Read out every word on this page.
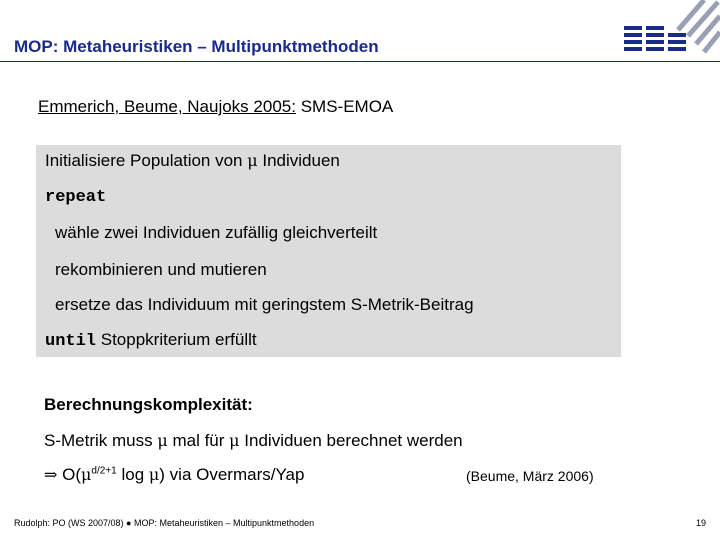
MOP: Metaheuristiken – Multipunktmethoden
Emmerich, Beume, Naujoks 2005: SMS-EMOA
Initialisiere Population von μ Individuen
repeat
wähle zwei Individuen zufällig gleichverteilt
rekombinieren und mutieren
ersetze das Individuum mit geringstem S-Metrik-Beitrag
until Stoppkriterium erfüllt
Berechnungskomplexität:
S-Metrik muss μ mal für μ Individuen berechnet werden
⇒ $O(\mu^{d/2+1}$ log μ) via Overmars/Yap	(Beume, März 2006)
Rudolph: PO (WS 2007/08) ● MOP: Metaheuristiken – Multipunktmethoden	19
